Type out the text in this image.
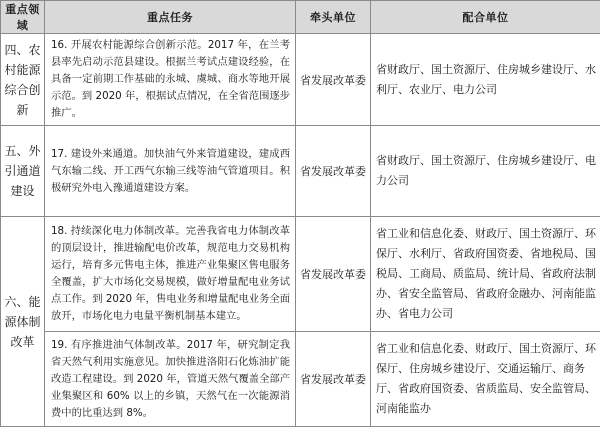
重点领域	重点任务	牵头单位	配合单位
四、农村能源综合创新	16. 开展农村能源综合创新示范。2017 年，在兰考县率先启动示范县建设。根据兰考试点建设经验，在具备一定前期工作基础的永城、虞城、商水等地开展示范。到 2020 年，根据试点情况，在全省范围逐步推广。	省发展改革委	省财政厅、国土资源厅、住房城乡建设厅、水利厅、农业厅、电力公司
五、外引通道建设	17. 建设外来通道。加快油气外来管道建设，建成西气东输二线、开工西气东输三线等油气管道项目。积极研究外电入豫通道建设方案。	省发展改革委	省财政厅、国土资源厅、住房城乡建设厅、电力公司
六、能源体制改革	18. 持续深化电力体制改革。完善我省电力体制改革的顶层设计，推进输配电价改革，规范电力交易机构运行，培育多元售电主体，推进产业集聚区售电服务全覆盖，扩大市场化交易规模，做好增量配电业务试点工作。到 2020 年，售电业务和增量配电业务全面放开，市场化电力电量平衡机制基本建立。	省发展改革委	省工业和信息化委、财政厅、国土资源厅、环保厅、水利厅、省政府国资委、省地税局、国税局、工商局、质监局、统计局、省政府法制办、省安全监管局、省政府金融办、河南能监办、省电力公司
	19. 有序推进油气体制改革。2017 年，研究制定我省天然气利用实施意见。加快推进洛阳石化炼油扩能改造工程建设。到 2020 年，管道天然气覆盖全部产业集聚区和 60% 以上的乡镇，天然气在一次能源消费中的比重达到 8%。	省发展改革委	省工业和信息化委、财政厅、国土资源厅、环保厅、住房城乡建设厅、交通运输厅、商务厅、省政府国资委、省质监局、安全监管局、河南能监办
